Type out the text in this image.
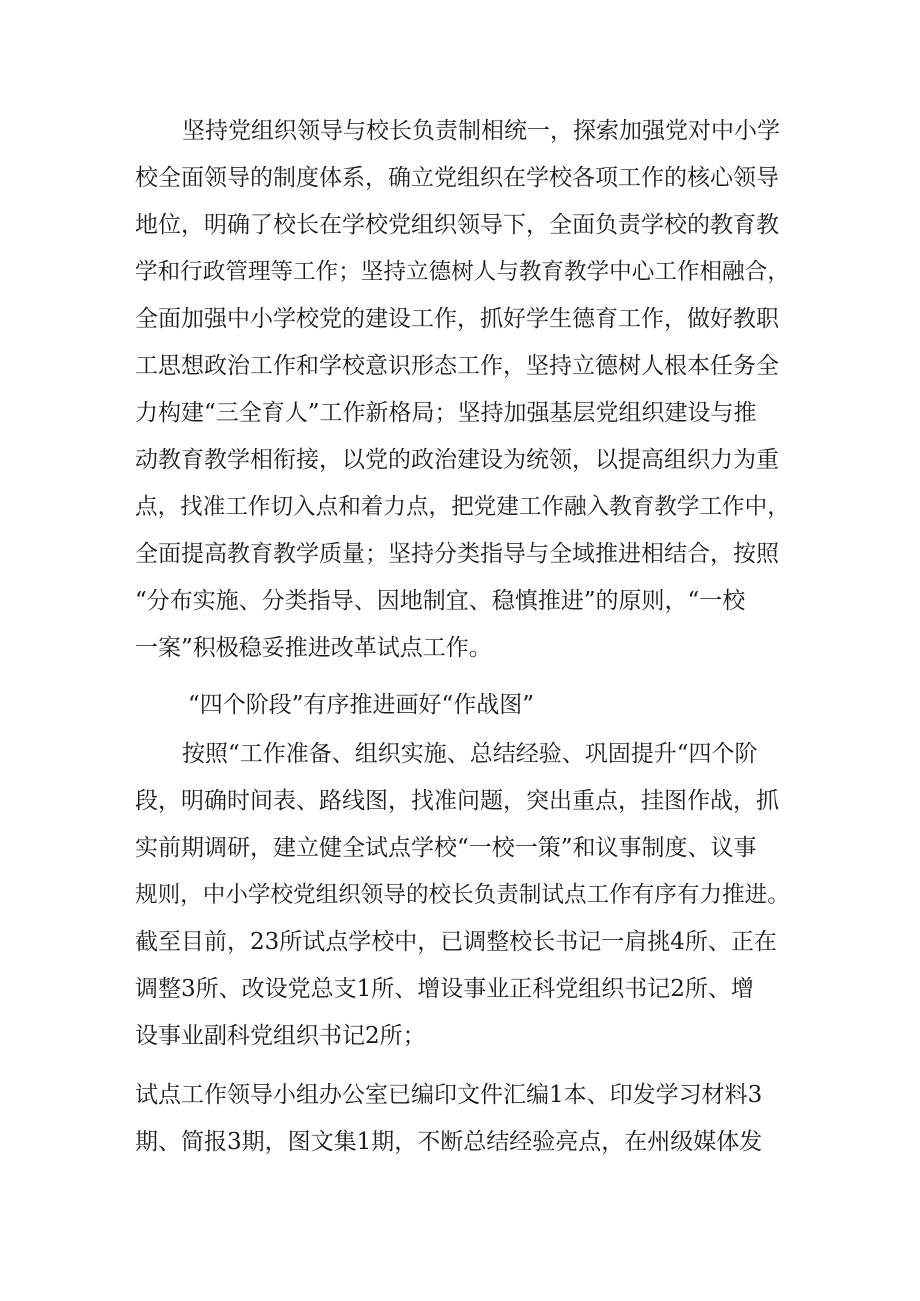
坚持党组织领导与校长负责制相统一，探索加强党对中小学

校全面领导的制度体系，确立党组织在学校各项工作的核心领导

地位，明确了校长在学校党组织领导下，全面负责学校的教育教

学和行政管理等工作；坚持立德树人与教育教学中心工作相融合，

全面加强中小学校党的建设工作，抓好学生德育工作，做好教职

工思想政治工作和学校意识形态工作，坚持立德树人根本任务全

力构建“三全育人”工作新格局；坚持加强基层党组织建设与推

动教育教学相衔接，以党的政治建设为统领，以提高组织力为重

点，找准工作切入点和着力点，把党建工作融入教育教学工作中，

全面提高教育教学质量；坚持分类指导与全域推进相结合，按照

“分布实施、分类指导、因地制宜、稳慎推进”的原则，“一校

一案”积极稳妥推进改革试点工作。

“四个阶段”有序推进画好“作战图”

按照“工作准备、组织实施、总结经验、巩固提升“四个阶

段，明确时间表、路线图，找准问题，突出重点，挂图作战，抓

实前期调研，建立健全试点学校“一校一策”和议事制度、议事

规则，中小学校党组织领导的校长负责制试点工作有序有力推进。

截至目前，23所试点学校中，已调整校长书记一肩挑4所、正在

调整3所、改设党总支1所、增设事业正科党组织书记2所、增

设事业副科党组织书记2所；

试点工作领导小组办公室已编印文件汇编1本、印发学习材料3

期、简报3期，图文集1期，不断总结经验亮点，在州级媒体发
